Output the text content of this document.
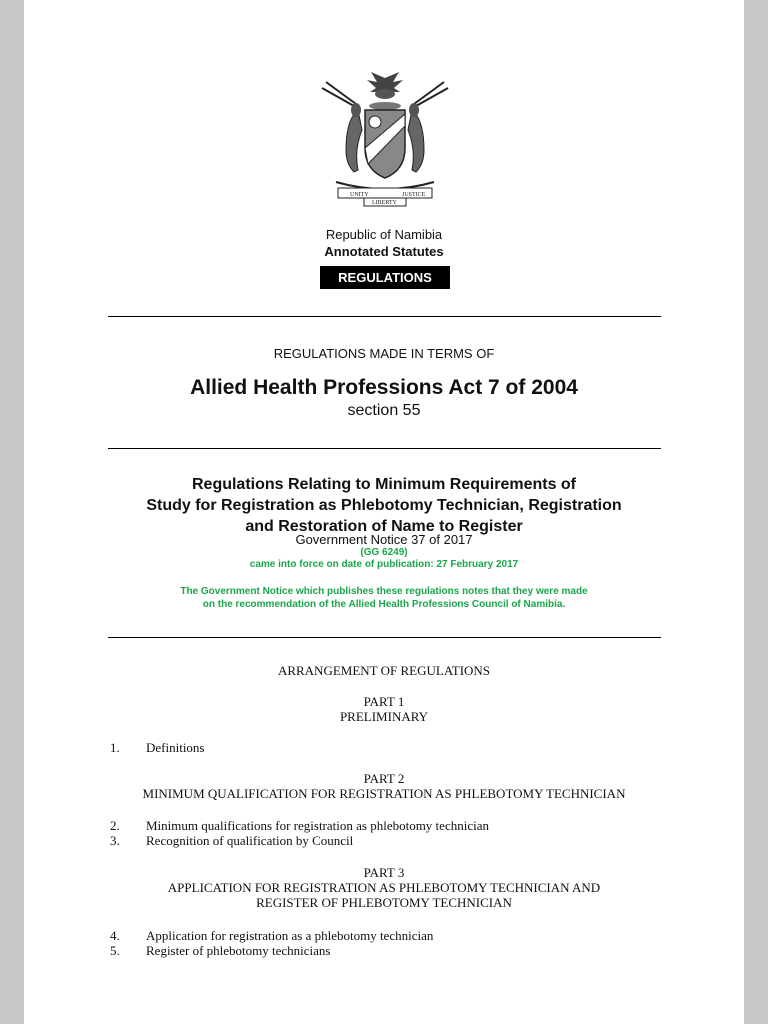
UNITY	JUSTICE
LIBERTY
Republic of Namibia
Annotated Statutes
REGULATIONS
REGULATIONS MADE IN TERMS OF
Allied Health Professions Act 7 of 2004
section 55
Regulations Relating to Minimum Requirements of
Study for Registration as Phlebotomy Technician, Registration
and Restoration of Name to Register
Government Notice 37 of 2017
(GG 6249)
came into force on date of publication: 27 February 2017
The Government Notice which publishes these regulations notes that they were made
on the recommendation of the Allied Health Professions Council of Namibia.
ARRANGEMENT OF REGULATIONS
PART 1
PRELIMINARY
1. Definitions
PART 2
MINIMUM QUALIFICATION FOR REGISTRATION AS PHLEBOTOMY TECHNICIAN
2. Minimum qualifications for registration as phlebotomy technician
3. Recognition of qualification by Council
PART 3
APPLICATION FOR REGISTRATION AS PHLEBOTOMY TECHNICIAN AND
REGISTER OF PHLEBOTOMY TECHNICIAN
4. Application for registration as a phlebotomy technician
5. Register of phlebotomy technicians
